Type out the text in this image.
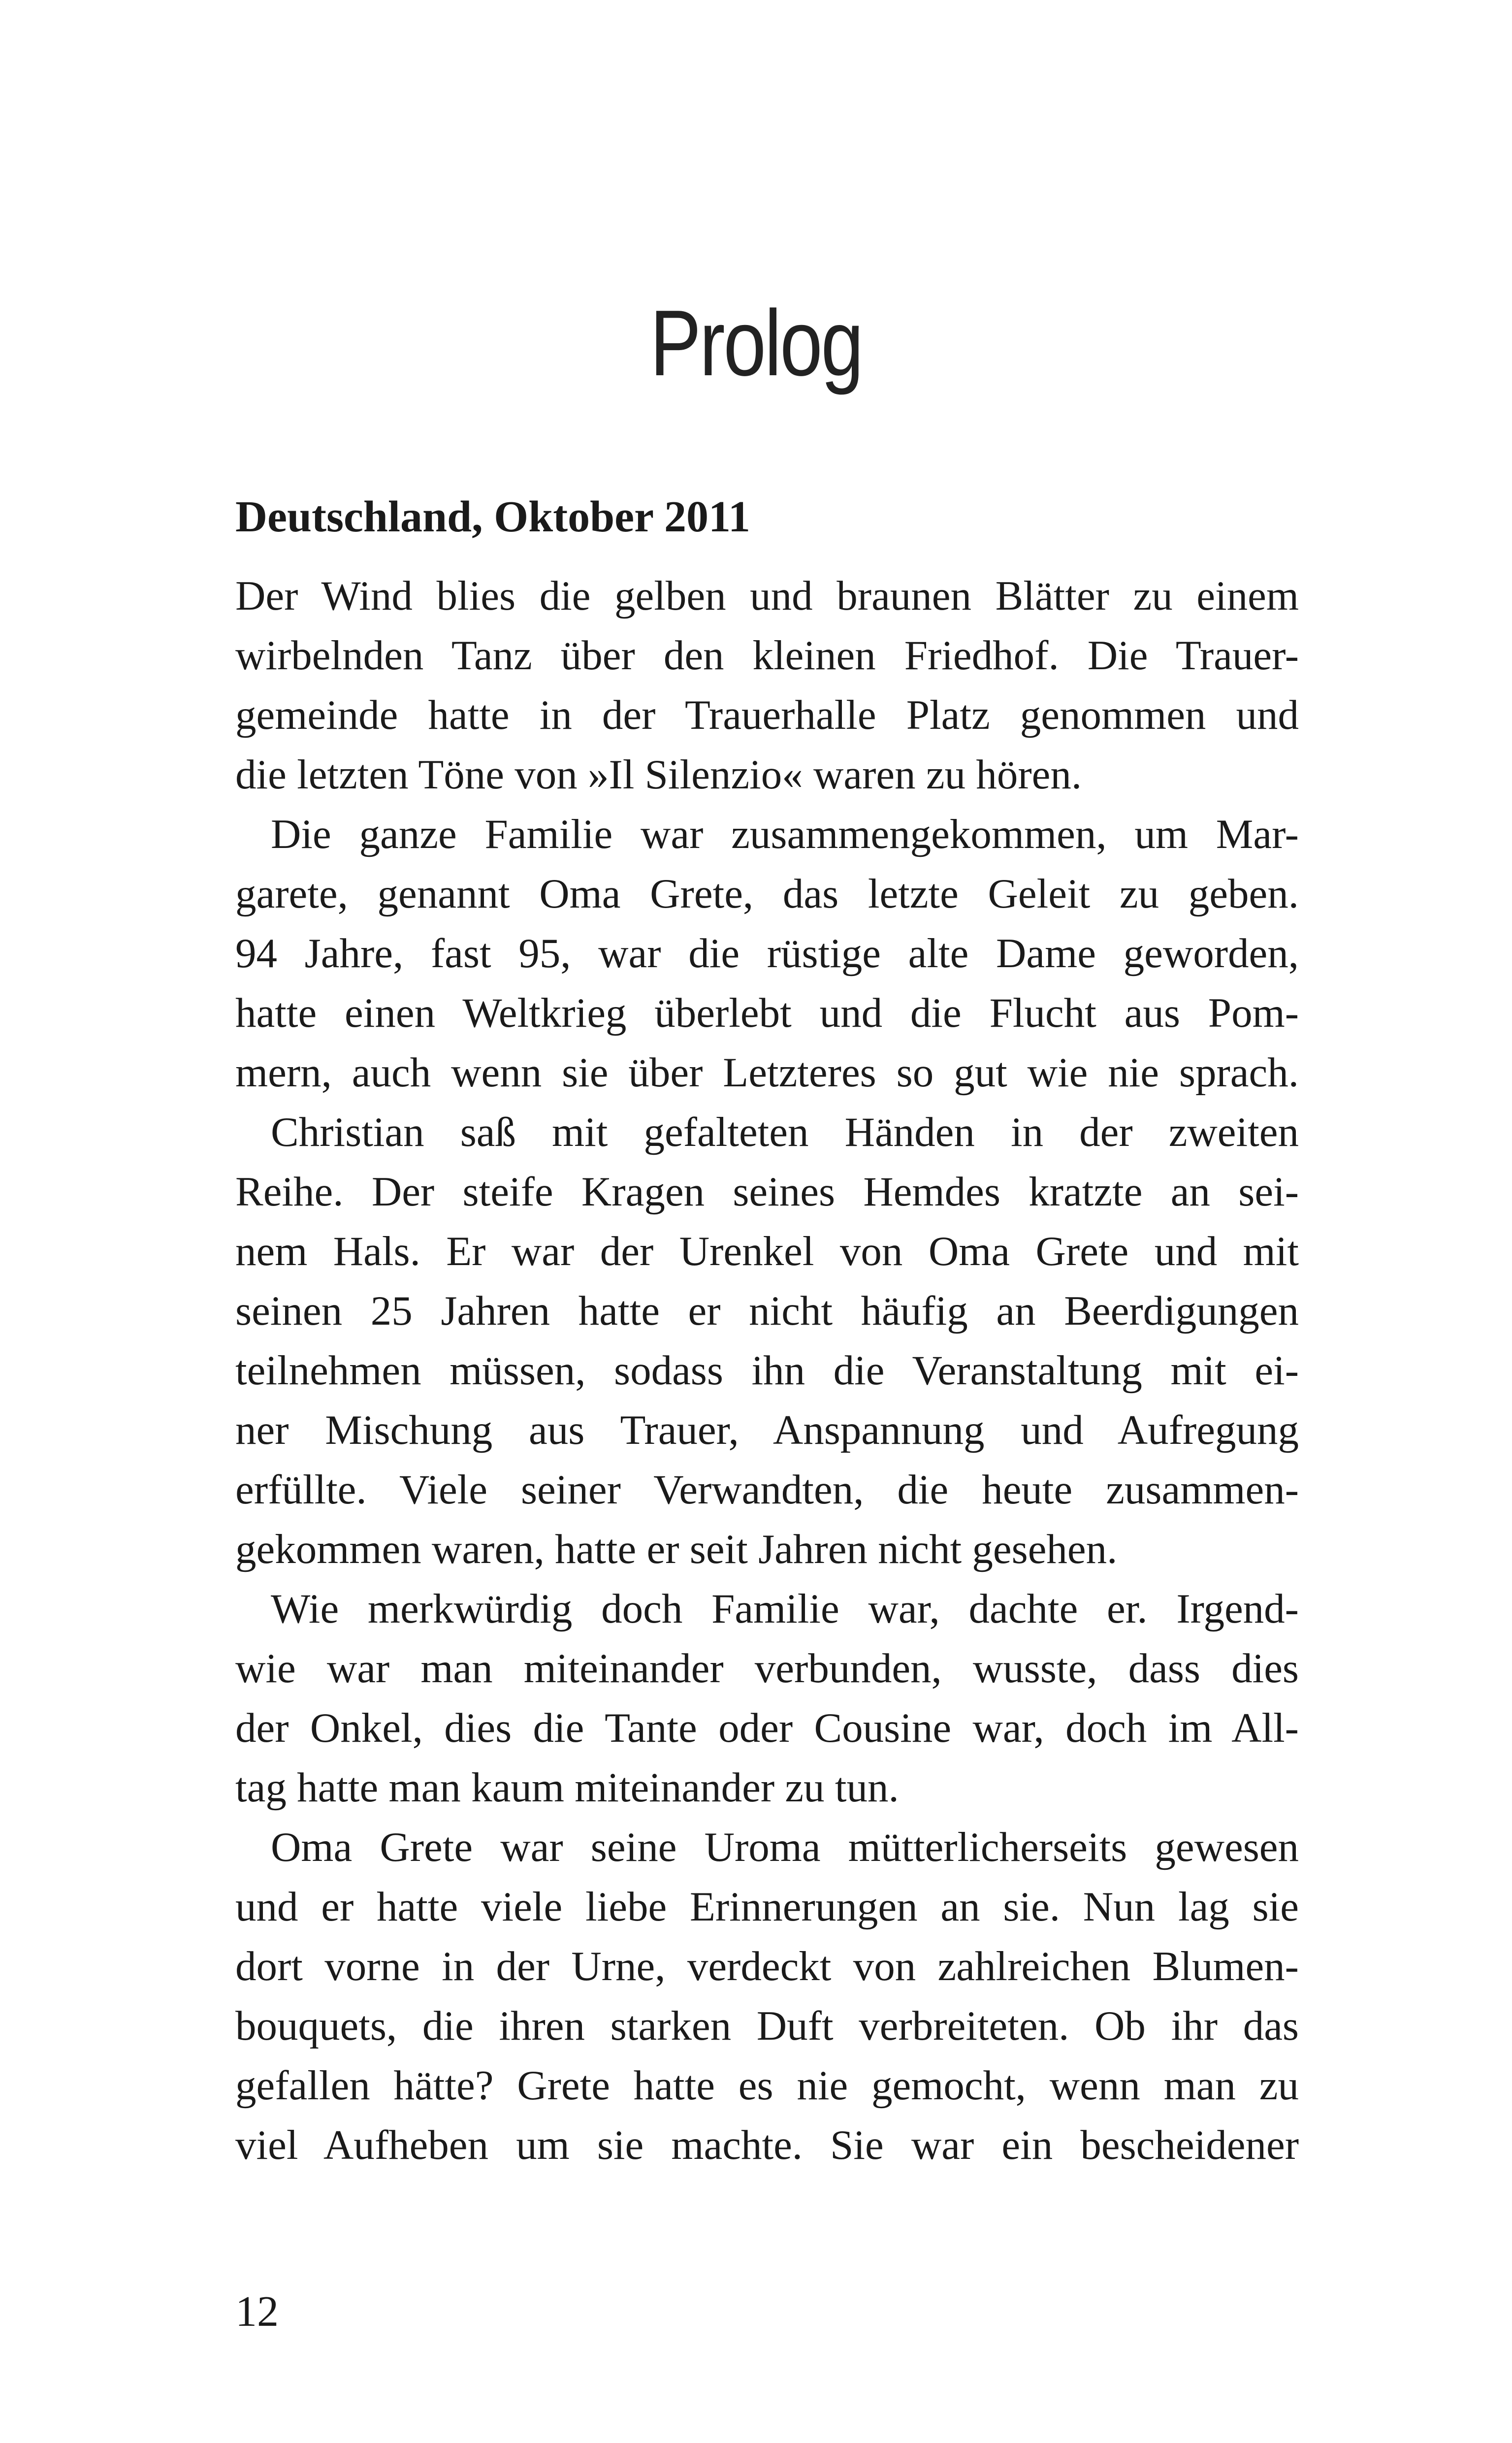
Prolog
Deutschland, Oktober 2011

Der Wind blies die gelben und braunen Blätter zu einem
wirbelnden Tanz über den kleinen Friedhof. Die Trauer-
gemeinde hatte in der Trauerhalle Platz genommen und
die letzten Töne von »Il Silenzio« waren zu hören.

Die ganze Familie war zusammengekommen, um Mar-
garete, genannt Oma Grete, das letzte Geleit zu geben.
94 Jahre, fast 95, war die rüstige alte Dame geworden,
hatte einen Weltkrieg überlebt und die Flucht aus Pom-
mern, auch wenn sie über Letzteres so gut wie nie sprach.

Christian saß mit gefalteten Händen in der zweiten
Reihe. Der steife Kragen seines Hemdes kratzte an sei-
nem Hals. Er war der Urenkel von Oma Grete und mit
seinen 25 Jahren hatte er nicht häufig an Beerdigungen
teilnehmen müssen, sodass ihn die Veranstaltung mit ei-
ner Mischung aus Trauer, Anspannung und Aufregung
erfüllte. Viele seiner Verwandten, die heute zusammen-
gekommen waren, hatte er seit Jahren nicht gesehen.

Wie merkwürdig doch Familie war, dachte er. Irgend-
wie war man miteinander verbunden, wusste, dass dies
der Onkel, dies die Tante oder Cousine war, doch im All-
tag hatte man kaum miteinander zu tun.

Oma Grete war seine Uroma mütterlicherseits gewesen
und er hatte viele liebe Erinnerungen an sie. Nun lag sie
dort vorne in der Urne, verdeckt von zahlreichen Blumen-
bouquets, die ihren starken Duft verbreiteten. Ob ihr das
gefallen hätte? Grete hatte es nie gemocht, wenn man zu
viel Aufheben um sie machte. Sie war ein bescheidener

12
